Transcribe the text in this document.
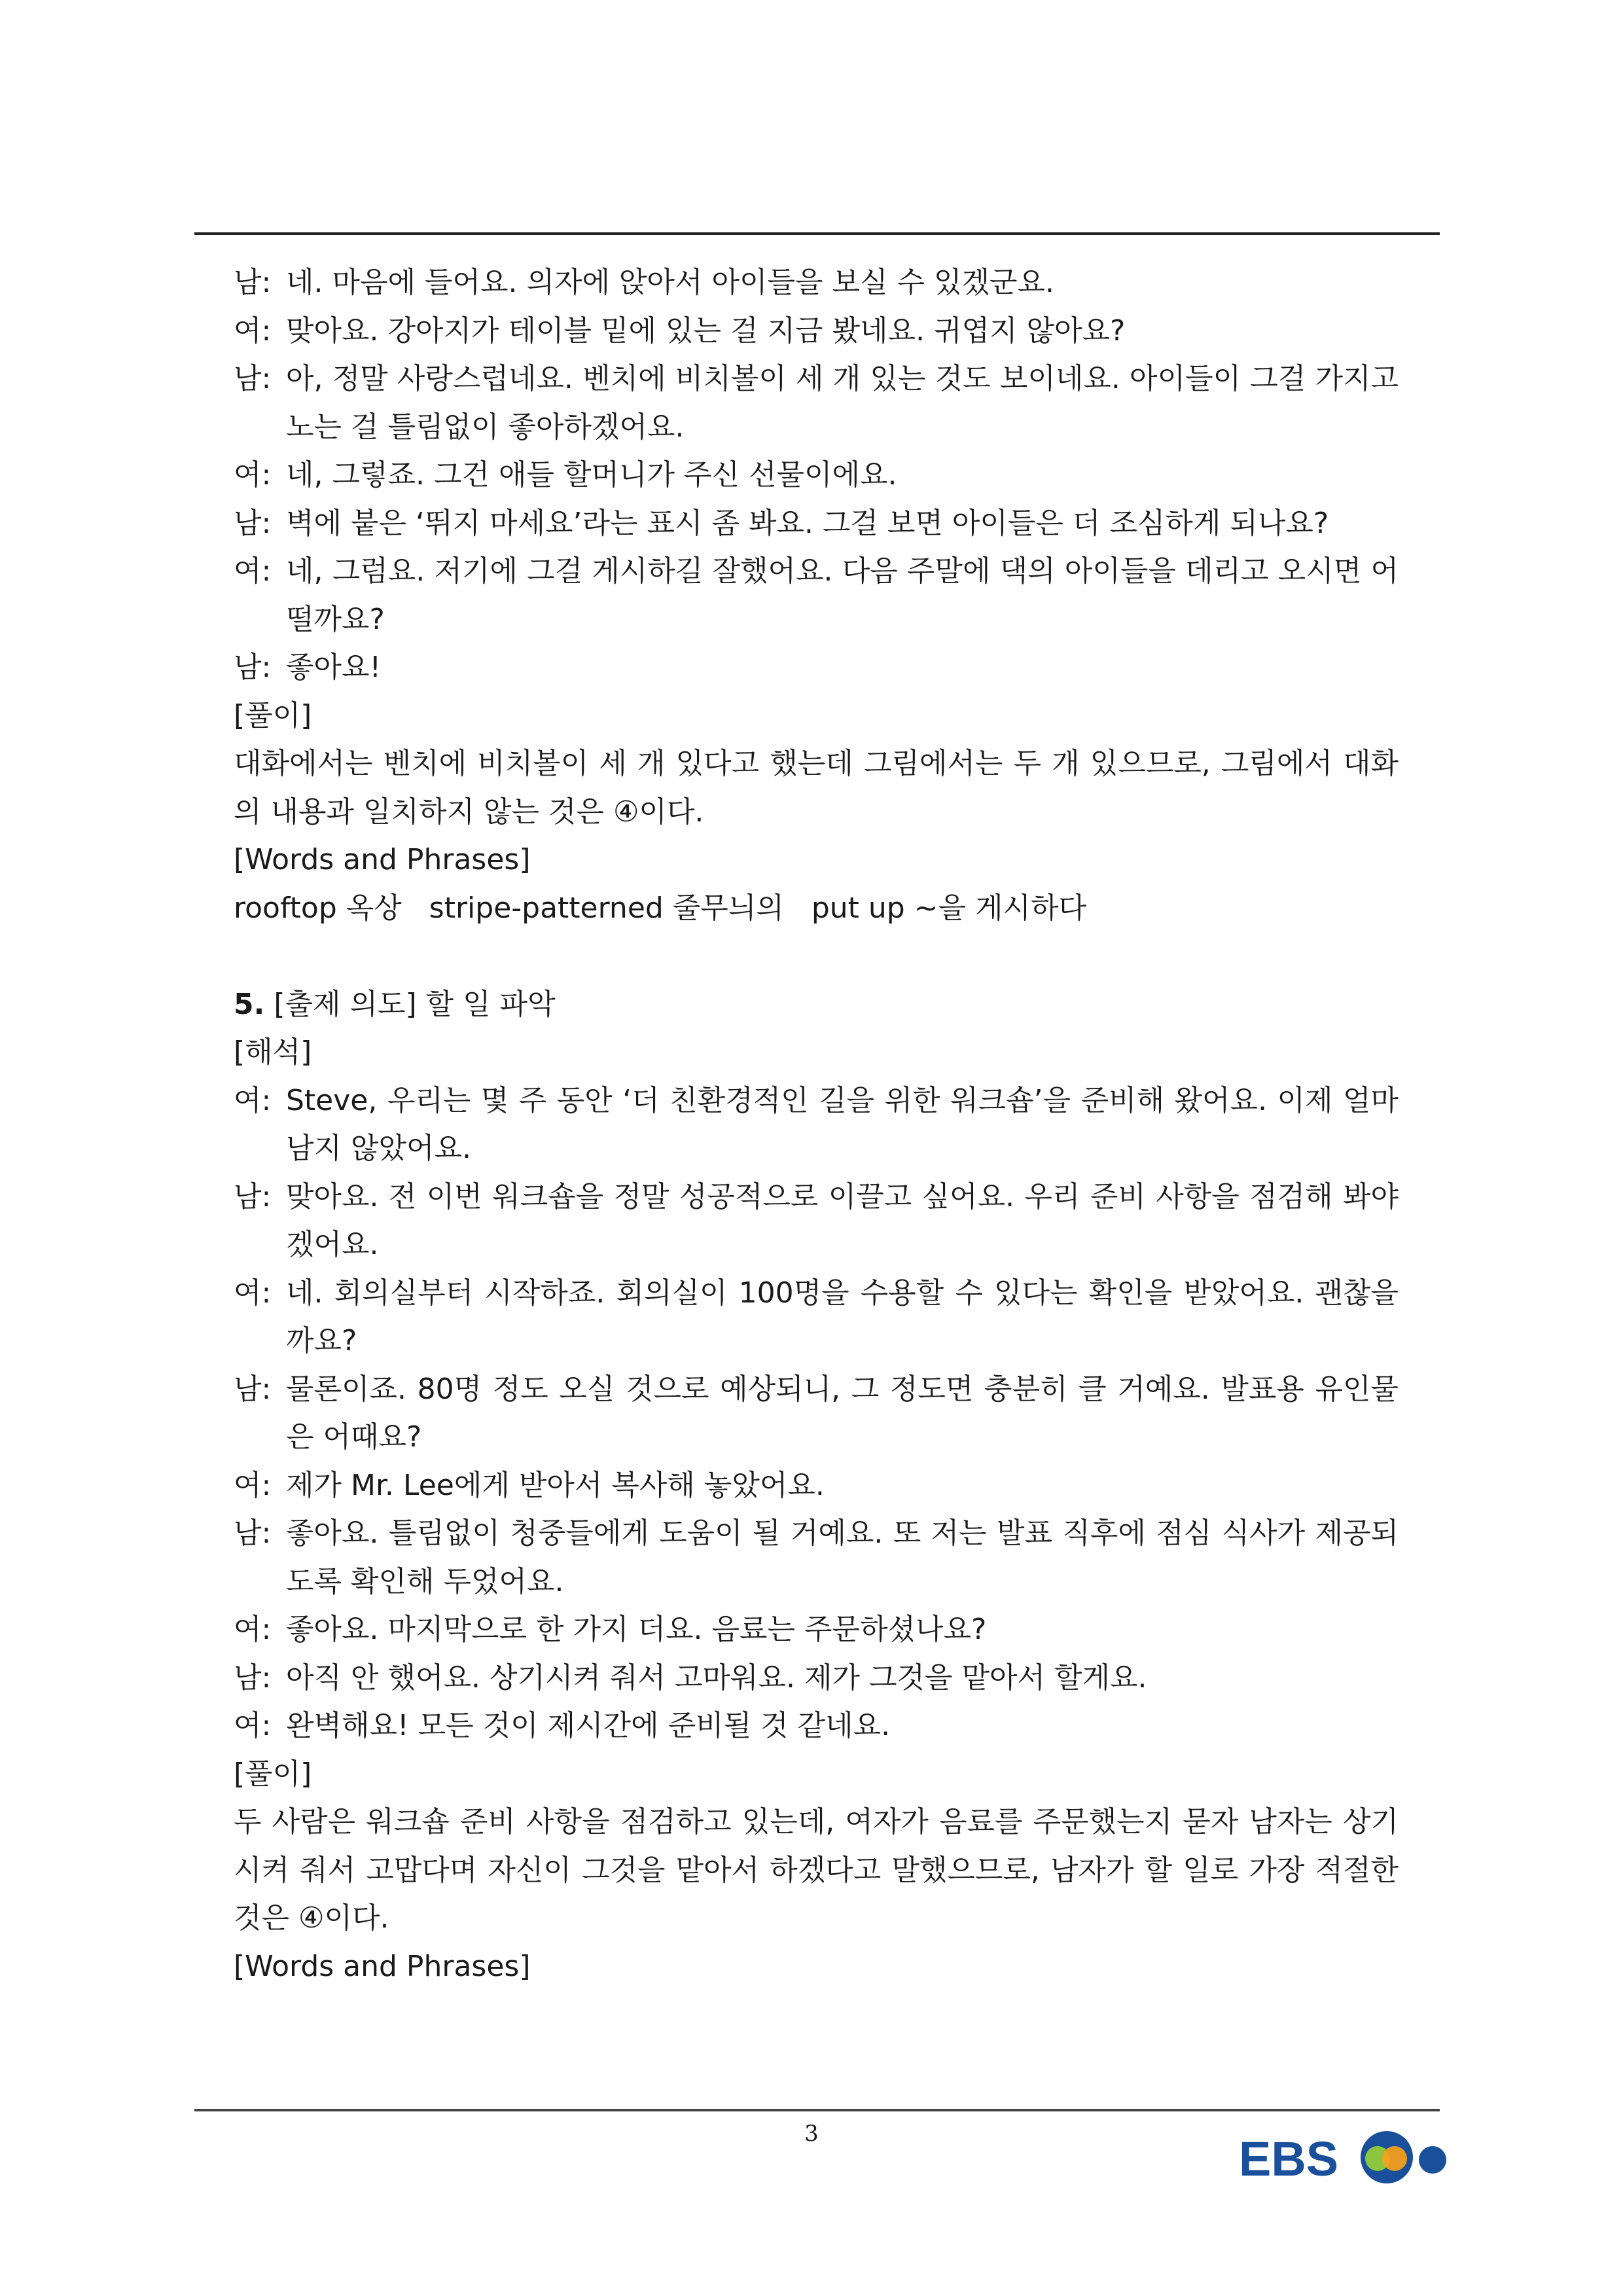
남: 네. 마음에 들어요. 의자에 앉아서 아이들을 보실 수 있겠군요.
여: 맞아요. 강아지가 테이블 밑에 있는 걸 지금 봤네요. 귀엽지 않아요?
남: 아, 정말 사랑스럽네요. 벤치에 비치볼이 세 개 있는 것도 보이네요. 아이들이 그걸 가지고 노는 걸 틀림없이 좋아하겠어요.
여: 네, 그렇죠. 그건 애들 할머니가 주신 선물이에요.
남: 벽에 붙은 ‘뛰지 마세요’라는 표시 좀 봐요. 그걸 보면 아이들은 더 조심하게 되나요?
여: 네, 그럼요. 저기에 그걸 게시하길 잘했어요. 다음 주말에 댁의 아이들을 데리고 오시면 어떨까요?
남: 좋아요!
[풀이]
대화에서는 벤치에 비치볼이 세 개 있다고 했는데 그림에서는 두 개 있으므로, 그림에서 대화의 내용과 일치하지 않는 것은 ④이다.
[Words and Phrases]
rooftop 옥상 stripe-patterned 줄무늬의 put up ~을 게시하다
5. [출제 의도] 할 일 파악
[해석]
여: Steve, 우리는 몇 주 동안 ‘더 친환경적인 길을 위한 워크숍’을 준비해 왔어요. 이제 얼마 남지 않았어요.
남: 맞아요. 전 이번 워크숍을 정말 성공적으로 이끌고 싶어요. 우리 준비 사항을 점검해 봐야겠어요.
여: 네. 회의실부터 시작하죠. 회의실이 100명을 수용할 수 있다는 확인을 받았어요. 괜찮을까요?
남: 물론이죠. 80명 정도 오실 것으로 예상되니, 그 정도면 충분히 클 거예요. 발표용 유인물은 어때요?
여: 제가 Mr. Lee에게 받아서 복사해 놓았어요.
남: 좋아요. 틀림없이 청중들에게 도움이 될 거예요. 또 저는 발표 직후에 점심 식사가 제공되도록 확인해 두었어요.
여: 좋아요. 마지막으로 한 가지 더요. 음료는 주문하셨나요?
남: 아직 안 했어요. 상기시켜 줘서 고마워요. 제가 그것을 맡아서 할게요.
여: 완벽해요! 모든 것이 제시간에 준비될 것 같네요.
[풀이]
두 사람은 워크숍 준비 사항을 점검하고 있는데, 여자가 음료를 주문했는지 묻자 남자는 상기시켜 줘서 고맙다며 자신이 그것을 맡아서 하겠다고 말했으므로, 남자가 할 일로 가장 적절한 것은 ④이다.
[Words and Phrases]
3	EBS
